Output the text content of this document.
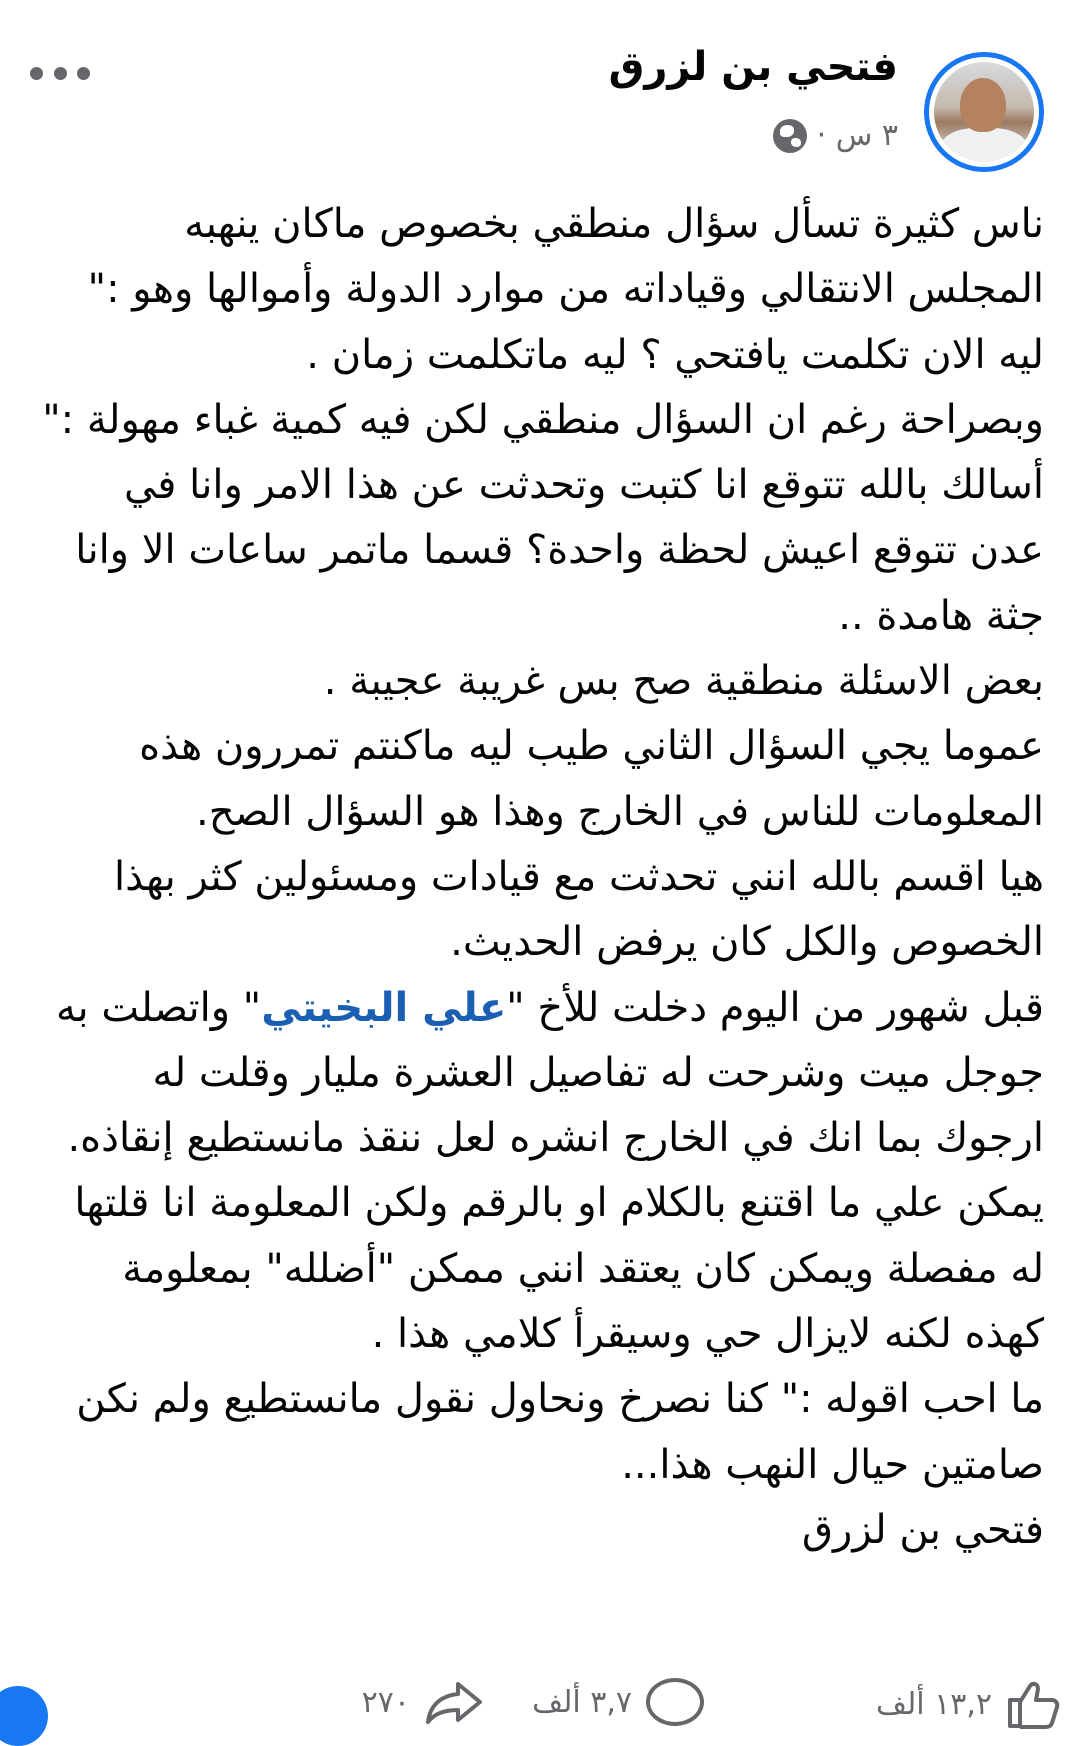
فتحي بن لزرق
٣ س ·

ناس كثيرة تسأل سؤال منطقي بخصوص ماكان ينهبه

المجلس الانتقالي وقياداته من موارد الدولة وأموالها وهو :"

ليه الان تكلمت يافتحي ؟ ليه ماتكلمت زمان .

وبصراحة رغم ان السؤال منطقي لكن فيه كمية غباء مهولة :"

أسالك بالله تتوقع انا كتبت وتحدثت عن هذا الامر وانا في

عدن تتوقع اعيش لحظة واحدة؟ قسما ماتمر ساعات الا وانا

جثة هامدة ..

بعض الاسئلة منطقية صح بس غريبة عجيبة .

عموما يجي السؤال الثاني طيب ليه ماكنتم تمررون هذه

المعلومات للناس في الخارج وهذا هو السؤال الصح.

هيا اقسم بالله انني تحدثت مع قيادات ومسئولين كثر بهذا

الخصوص والكل كان يرفض الحديث.

قبل شهور من اليوم دخلت للأخ "علي البخيتي" واتصلت به

جوجل ميت وشرحت له تفاصيل العشرة مليار وقلت له

ارجوك بما انك في الخارج انشره لعل ننقذ مانستطيع إنقاذه.

يمكن علي ما اقتنع بالكلام او بالرقم ولكن المعلومة انا قلتها

له مفصلة ويمكن كان يعتقد انني ممكن "أضلله" بمعلومة

كهذه لكنه لايزال حي وسيقرأ كلامي هذا .

ما احب اقوله :" كنا نصرخ ونحاول نقول مانستطيع ولم نكن

صامتين حيال النهب هذا...

فتحي بن لزرق

١٣,٢ ألف
٣,٧ ألف
٢٧٠
